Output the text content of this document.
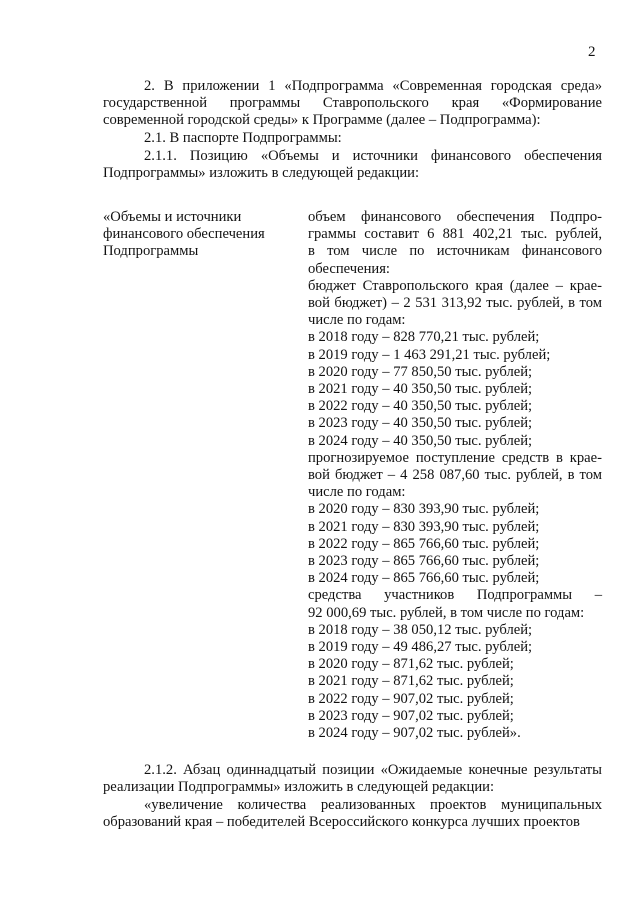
2

2. В приложении 1 «Подпрограмма «Современная городская среда» государственной программы Ставропольского края «Формирование современной городской среды» к Программе (далее – Подпрограмма):

2.1. В паспорте Подпрограммы:

2.1.1. Позицию «Объемы и источники финансового обеспечения Подпрограммы» изложить в следующей редакции:

«Объемы и источники финансового обеспечения Подпрограммы

объем финансового обеспечения Подпро-
граммы составит 6 881 402,21 тыс. рублей,
в том числе по источникам финансового
обеспечения:
бюджет Ставропольского края (далее – крае-
вой бюджет) – 2 531 313,92 тыс. рублей, в том
числе по годам:
в 2018 году – 828 770,21 тыс. рублей;
в 2019 году – 1 463 291,21 тыс. рублей;
в 2020 году – 77 850,50 тыс. рублей;
в 2021 году – 40 350,50 тыс. рублей;
в 2022 году – 40 350,50 тыс. рублей;
в 2023 году – 40 350,50 тыс. рублей;
в 2024 году – 40 350,50 тыс. рублей;
прогнозируемое поступление средств в крае-
вой бюджет – 4 258 087,60 тыс. рублей, в том
числе по годам:
в 2020 году – 830 393,90 тыс. рублей;
в 2021 году – 830 393,90 тыс. рублей;
в 2022 году – 865 766,60 тыс. рублей;
в 2023 году – 865 766,60 тыс. рублей;
в 2024 году – 865 766,60 тыс. рублей;
средства участников Подпрограммы –
92 000,69 тыс. рублей, в том числе по годам:
в 2018 году – 38 050,12 тыс. рублей;
в 2019 году – 49 486,27 тыс. рублей;
в 2020 году – 871,62 тыс. рублей;
в 2021 году – 871,62 тыс. рублей;
в 2022 году – 907,02 тыс. рублей;
в 2023 году – 907,02 тыс. рублей;
в 2024 году – 907,02 тыс. рублей».

2.1.2. Абзац одиннадцатый позиции «Ожидаемые конечные результаты реализации Подпрограммы» изложить в следующей редакции:

«увеличение количества реализованных проектов муниципальных образований края – победителей Всероссийского конкурса лучших проектов
